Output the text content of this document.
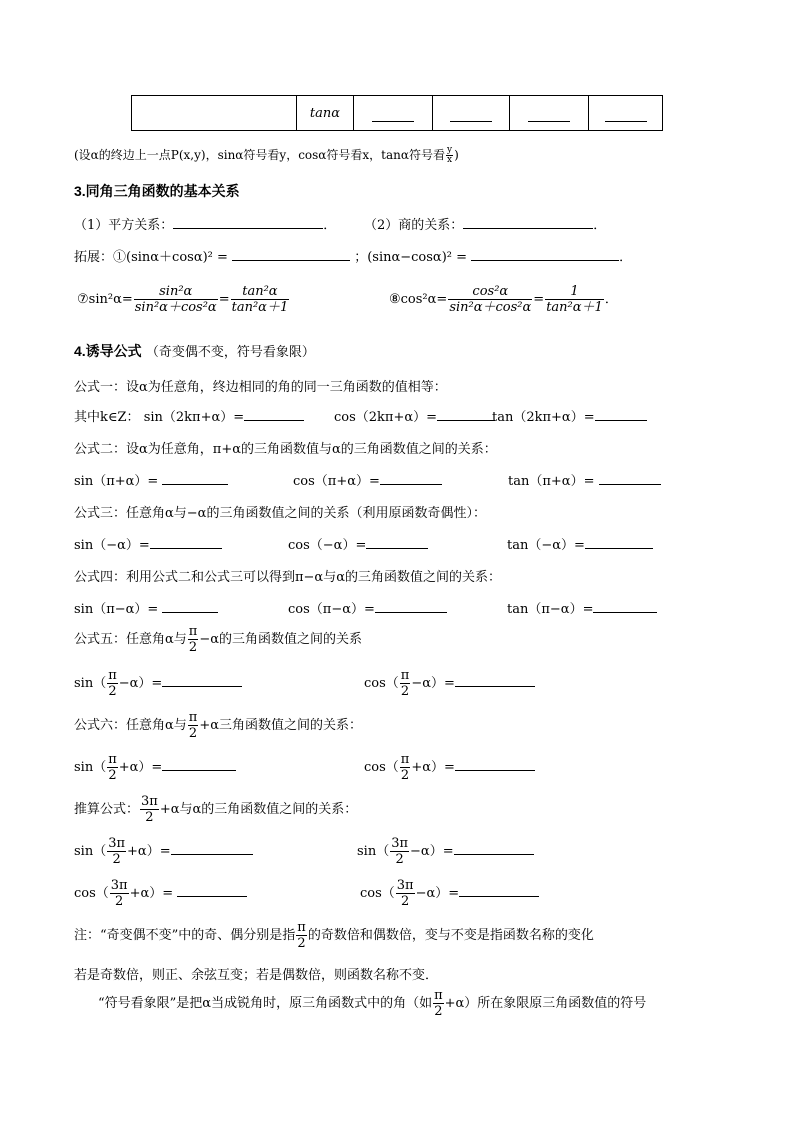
	tanα				
(设α的终边上一点P(x,y)，sinα符号看y，cosα符号看x，tanα符号看 $\frac{y}{x}$ )
3.同角三角函数的基本关系
（1）平方关系：	． （2）商的关系：	．
拓展：①(sinα＋cosα)² =	；(sinα−cosα)² =	．
⑦sin²α= $\frac{\text{sin²α}}{\text{sin²α＋cos²α}} = \frac{\text{tan²α}}{\text{tan²α＋1}}$	⑧cos²α= $\frac{\text{cos²α}}{\text{sin²α＋cos²α}} = \frac{1}{\text{tan²α＋1}}$ ．
4.诱导公式 （奇变偶不变，符号看象限）
公式一：设α为任意角，终边相同的角的同一三角函数的值相等：
其中k∈Z： sin（2kπ+α）=	cos（2kπ+α）=	tan（2kπ+α）=
公式二：设α为任意角，π+α的三角函数值与α的三角函数值之间的关系：
sin（π+α）=	cos（π+α）=	tan（π+α）=
公式三：任意角α与−α的三角函数值之间的关系（利用原函数奇偶性）：
sin（−α）=	cos（−α）=	tan（−α）=
公式四：利用公式二和公式三可以得到π−α与α的三角函数值之间的关系：
sin（π−α）=	cos（π−α）=	tan（π−α）=
公式五：任意角α与 $\frac{\pi}{2} -\alpha$的三角函数值之间的关系
$\sin( \frac{\pi}{2} -\alpha)=$	$\cos( \frac{\pi}{2} -\alpha)=$
公式六：任意角α与 $\frac{\pi}{2} +\alpha$三角函数值之间的关系：
$\sin( \frac{\pi}{2} +\alpha)=$	$\cos( \frac{\pi}{2} +\alpha)=$
推算公式： $\frac{3\pi}{2} +\alpha$与α的三角函数值之间的关系：
$\sin( \frac{3\pi}{2} +\alpha)=$	$\sin( \frac{3\pi}{2} -\alpha)=$
$\cos( \frac{3\pi}{2} +\alpha)=$	$\cos( \frac{3\pi}{2} -\alpha)=$
注：“奇变偶不变”中的奇、偶分别是指 $\frac{\pi}{2}$ 的奇数倍和偶数倍，变与不变是指函数名称的变化
若是奇数倍，则正、余弦互变；若是偶数倍，则函数名称不变．
“符号看象限”是把α当成锐角时，原三角函数式中的角（如 $\frac{\pi}{2} +\alpha$）所在象限原三角函数值的符号
